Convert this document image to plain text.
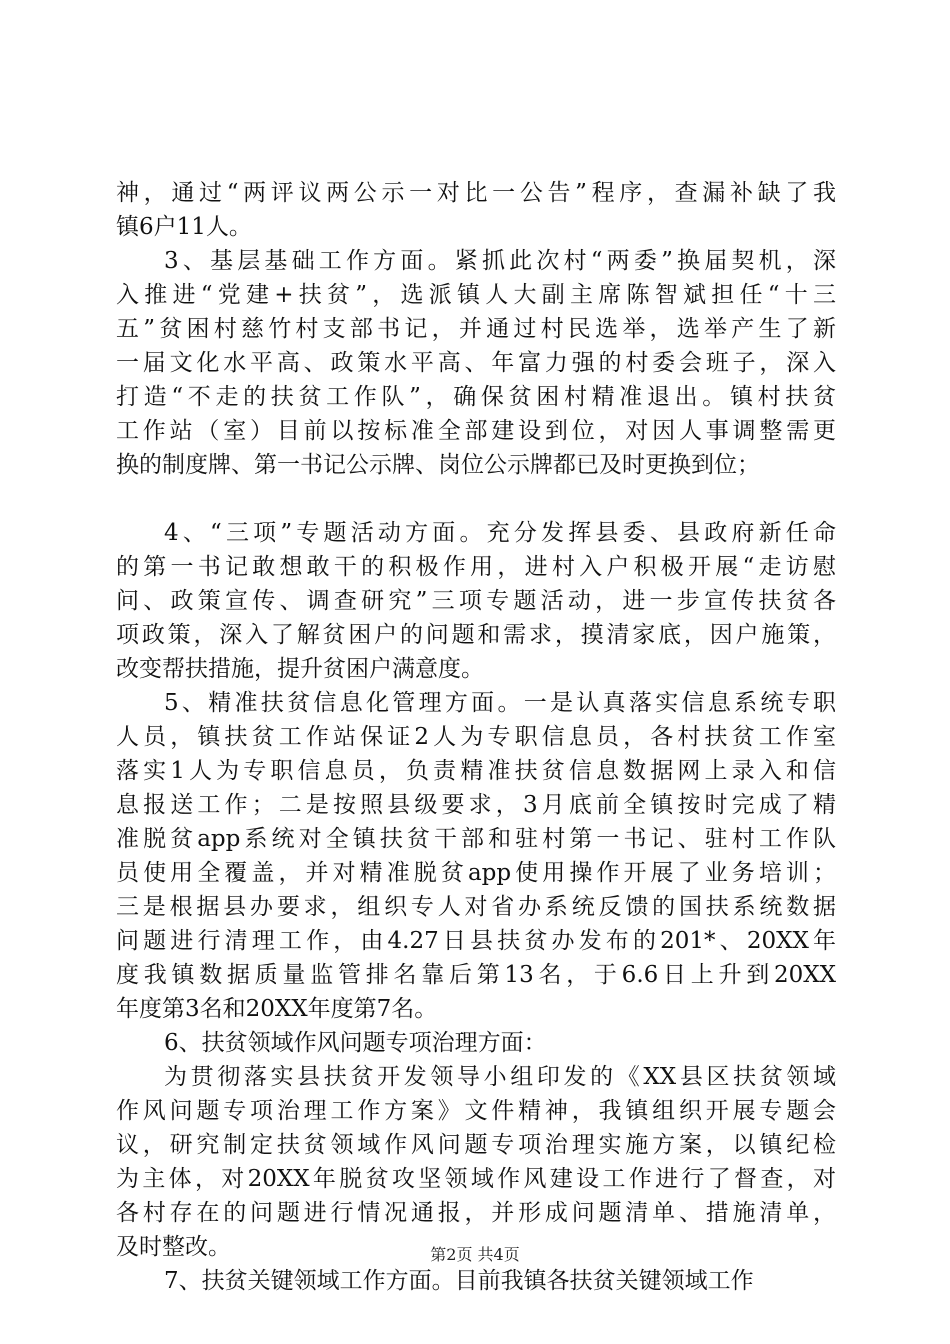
神，通过“两评议两公示一对比一公告”程序，查漏补缺了我
镇6户11人。

3、基层基础工作方面。紧抓此次村“两委”换届契机，深
入推进“党建+扶贫”，选派镇人大副主席陈智斌担任“十三
五”贫困村慈竹村支部书记，并通过村民选举，选举产生了新
一届文化水平高、政策水平高、年富力强的村委会班子，深入
打造“不走的扶贫工作队”，确保贫困村精准退出。镇村扶贫
工作站（室）目前以按标准全部建设到位，对因人事调整需更
换的制度牌、第一书记公示牌、岗位公示牌都已及时更换到位；

4、“三项”专题活动方面。充分发挥县委、县政府新任命
的第一书记敢想敢干的积极作用，进村入户积极开展“走访慰
问、政策宣传、调查研究”三项专题活动，进一步宣传扶贫各
项政策，深入了解贫困户的问题和需求，摸清家底，因户施策，
改变帮扶措施，提升贫困户满意度。

5、精准扶贫信息化管理方面。一是认真落实信息系统专职
人员，镇扶贫工作站保证2人为专职信息员，各村扶贫工作室
落实1人为专职信息员，负责精准扶贫信息数据网上录入和信
息报送工作；二是按照县级要求，3月底前全镇按时完成了精
准脱贫app系统对全镇扶贫干部和驻村第一书记、驻村工作队
员使用全覆盖，并对精准脱贫app使用操作开展了业务培训；
三是根据县办要求，组织专人对省办系统反馈的国扶系统数据
问题进行清理工作，由4.27日县扶贫办发布的201*、20XX年
度我镇数据质量监管排名靠后第13名，于6.6日上升到20XX
年度第3名和20XX年度第7名。

6、扶贫领域作风问题专项治理方面：

为贯彻落实县扶贫开发领导小组印发的《XX县区扶贫领域
作风问题专项治理工作方案》文件精神，我镇组织开展专题会
议，研究制定扶贫领域作风问题专项治理实施方案，以镇纪检
为主体，对20XX年脱贫攻坚领域作风建设工作进行了督查，对
各村存在的问题进行情况通报，并形成问题清单、措施清单，
及时整改。

7、扶贫关键领域工作方面。目前我镇各扶贫关键领域工作

第2页 共4页
